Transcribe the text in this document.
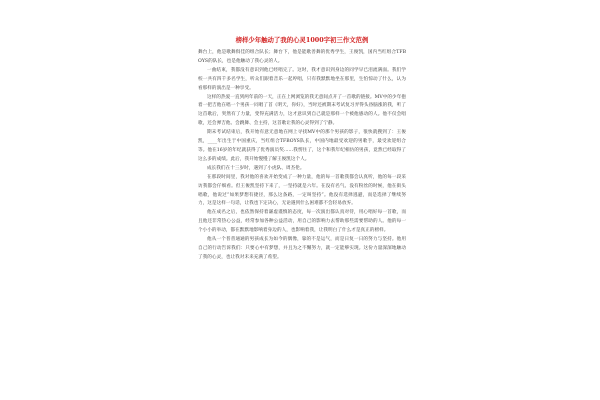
榜样少年触动了我的心灵1000字初三作文范例

舞台上，他是歌舞俱佳的组合队长；舞台下，他是能歌善舞的优秀学生，王俊凯，国内当红组合TFBOYS的队长，也是他触动了我心灵的人。

一曲结束，我都没有意识到他已经唱完了。这时，我才意识到身边的同学早已泪流满面。我们学校一共有四千多名学生，听众们跟着音乐一起哼唱，只有我默默地坐在那里，生怕惊动了什么，认为看那样的演出是一种享受。

这样的热爱一直到两年前的一天，正在上网浏览的我无意间点开了一首歌的链接。MV中的少年抱着一把吉他在唱一个男孩一同唱了首《明天，你好》，当时还被期末考试复习弄得头昏脑涨的我，听了这首歌后，突然有了力量，变得充满活力，这才意识到自己就是那样一个被他感动的人。他不仅会唱歌，还会弹吉他、会跳舞、会主持，这首歌让我的心灵得到了宁静。

期末考试结束后，我开始有意无意地在网上寻找MV中的那个男孩的影子，很快就搜到了：王俊凯，____年出生于中国重庆，当红组合TFBOYS队长，中国内地最受欢迎的男歌手，最受欢迎组合等。他在16岁的年纪就获得了优秀演员奖……我愣住了，这个和我年纪相仿的男孩，竟然已经取得了这么多的成绩。此后，我开始慢慢了解王俊凯这个人。

成长我们在十三岁时，遇到了小虎队、周杰伦。

在那段时间里，我对他的喜欢开始变成了一种力量，他的每一首歌我都会认真听，他的每一段采访我都会仔细看。但王俊凯坚持下来了，一坚持就是六年。在没有名气、没有粉丝的时候，他在街头唱歌，他说过“如果梦想有捷径，那么这条路，一定叫坚持”。他没有选择逃避，而是选择了继续努力，这是这样一句话，让我也下定决心，无论遇到什么困难都不会轻易放弃。

他在成名之后，也依然保持着谦虚谨慎的态度，每一次演出都认真对待，用心唱好每一首歌，而且他还非常热心公益，经常参加各种公益活动，用自己的影响力去帮助那些需要帮助的人。他的每一个小小的举动，都在默默地影响着身边的人，也影响着我，让我明白了什么才是真正的榜样。

他从一个普普通通的男孩成长为如今的偶像，靠的不是运气，而是日复一日的努力与坚持。他用自己的行动告诉我们：只要心中有梦想，并且为之不懈努力，就一定能够实现。这份力量深深地触动了我的心灵，也让我对未来充满了希望。
